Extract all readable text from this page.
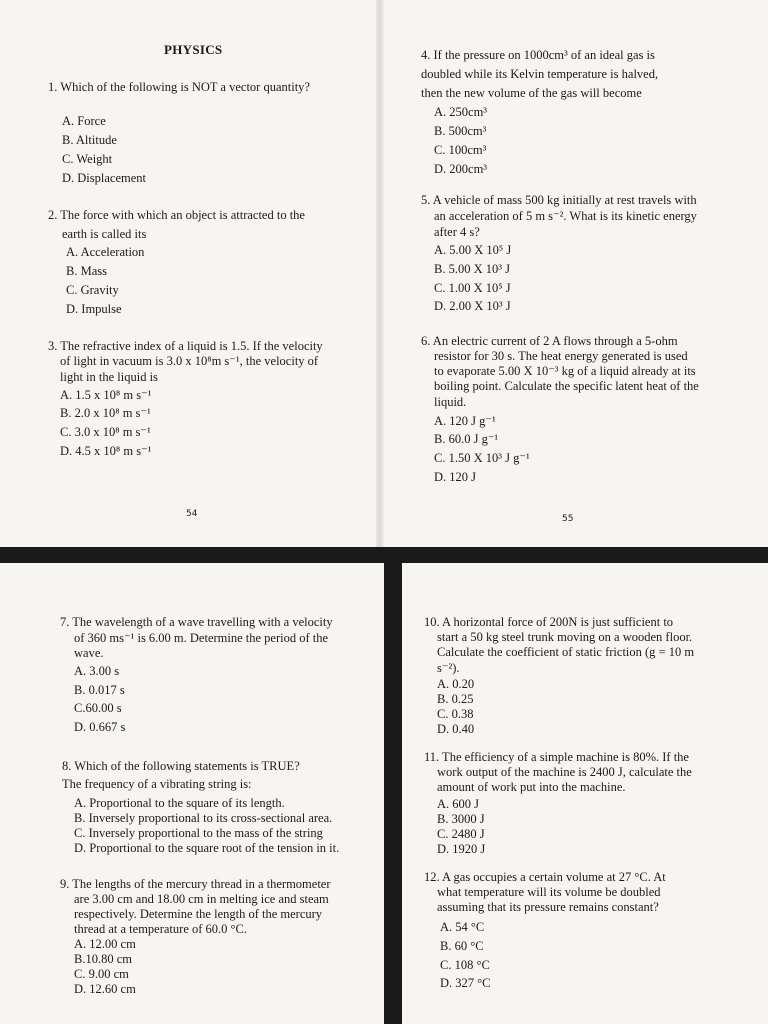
PHYSICS
1. Which of the following is NOT a vector quantity?
A. Force
B. Altitude
C. Weight
D. Displacement
2. The force with which an object is attracted to the
earth is called its
A. Acceleration
B. Mass
C. Gravity
D. Impulse
3. The refractive index of a liquid is 1.5. If the velocity
of light in vacuum is 3.0 x 10⁸m s⁻¹, the velocity of
light in the liquid is
A. 1.5 x 10⁸ m s⁻¹
B. 2.0 x 10⁸ m s⁻¹
C. 3.0 x 10⁸ m s⁻¹
D. 4.5 x 10⁸ m s⁻¹
54
4. If the pressure on 1000cm³ of an ideal gas is
doubled while its Kelvin temperature is halved,
then the new volume of the gas will become
A. 250cm³
B. 500cm³
C. 100cm³
D. 200cm³
5. A vehicle of mass 500 kg initially at rest travels with
an acceleration of 5 m s⁻². What is its kinetic energy
after 4 s?
A. 5.00 X 10⁵ J
B. 5.00 X 10³ J
C. 1.00 X 10⁵ J
D. 2.00 X 10³ J
6. An electric current of 2 A flows through a 5-ohm
resistor for 30 s. The heat energy generated is used
to evaporate 5.00 X 10⁻³ kg of a liquid already at its
boiling point. Calculate the specific latent heat of the
liquid.
A. 120 J g⁻¹
B. 60.0 J g⁻¹
C. 1.50 X 10³ J g⁻¹
D. 120 J
55
7. The wavelength of a wave travelling with a velocity
of 360 ms⁻¹ is 6.00 m. Determine the period of the
wave.
A. 3.00 s
B. 0.017 s
C.60.00 s
D. 0.667 s
8. Which of the following statements is TRUE?
The frequency of a vibrating string is:
A. Proportional to the square of its length.
B. Inversely proportional to its cross-sectional area.
C. Inversely proportional to the mass of the string
D. Proportional to the square root of the tension in it.
9. The lengths of the mercury thread in a thermometer
are 3.00 cm and 18.00 cm in melting ice and steam
respectively. Determine the length of the mercury
thread at a temperature of 60.0 °C.
A. 12.00 cm
B.10.80 cm
C. 9.00 cm
D. 12.60 cm
10. A horizontal force of 200N is just sufficient to
start a 50 kg steel trunk moving on a wooden floor.
Calculate the coefficient of static friction (g = 10 m
s⁻²).
A. 0.20
B. 0.25
C. 0.38
D. 0.40
11. The efficiency of a simple machine is 80%. If the
work output of the machine is 2400 J, calculate the
amount of work put into the machine.
A. 600 J
B. 3000 J
C. 2480 J
D. 1920 J
12. A gas occupies a certain volume at 27 °C. At
what temperature will its volume be doubled
assuming that its pressure remains constant?
A. 54 °C
B. 60 °C
C. 108 °C
D. 327 °C
